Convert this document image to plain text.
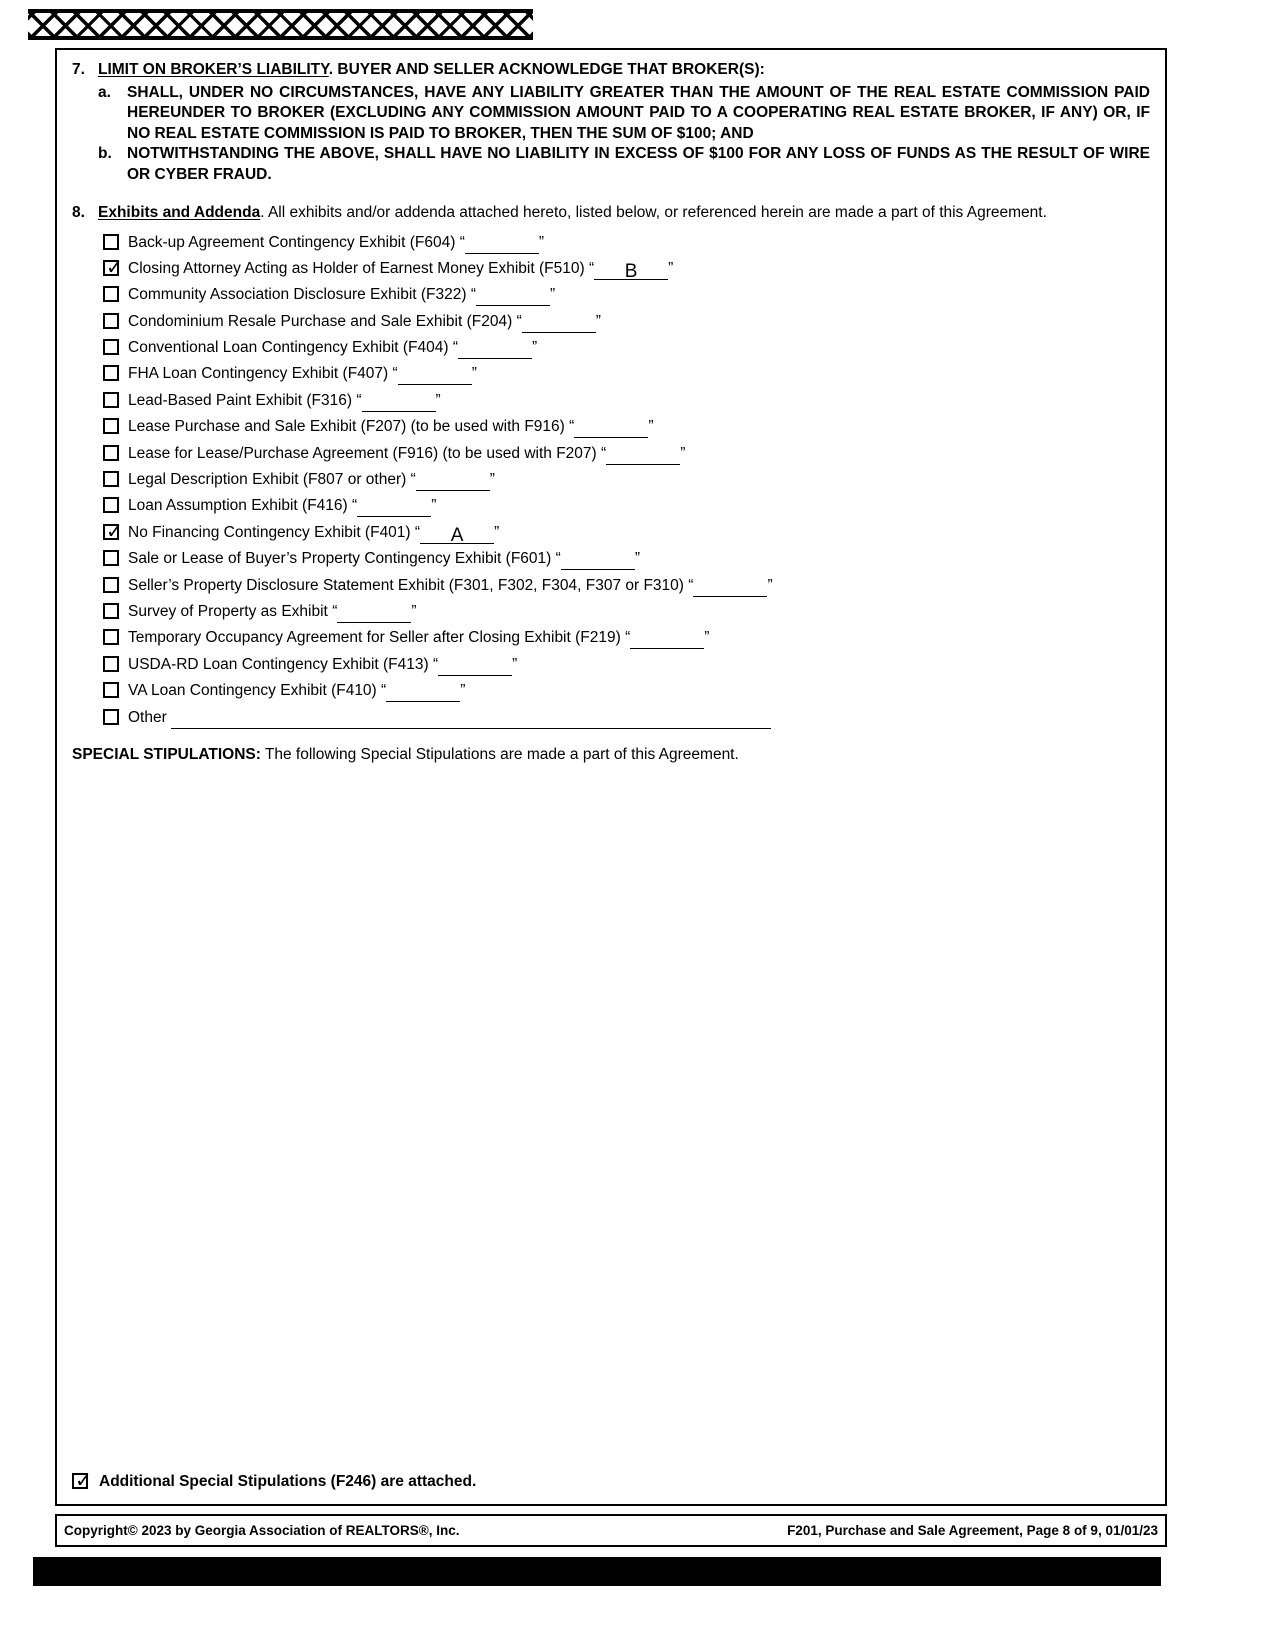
7. LIMIT ON BROKER’S LIABILITY. BUYER AND SELLER ACKNOWLEDGE THAT BROKER(S):
a.	SHALL, UNDER NO CIRCUMSTANCES, HAVE ANY LIABILITY GREATER THAN THE AMOUNT OF THE REAL ESTATE COMMISSION PAID HEREUNDER TO BROKER (EXCLUDING ANY COMMISSION AMOUNT PAID TO A COOPERATING REAL ESTATE BROKER, IF ANY) OR, IF NO REAL ESTATE COMMISSION IS PAID TO BROKER, THEN THE SUM OF $100; AND
b. NOTWITHSTANDING THE ABOVE, SHALL HAVE NO LIABILITY IN EXCESS OF $100 FOR ANY LOSS OF FUNDS AS THE RESULT OF WIRE OR CYBER FRAUD.
8. Exhibits and Addenda. All exhibits and/or addenda attached hereto, listed below, or referenced herein are made a part of this Agreement.
Back-up Agreement Contingency Exhibit (F604) “	”
✓Closing Attorney Acting as Holder of Earnest Money Exhibit (F510) “ B ”
Community Association Disclosure Exhibit (F322) “	”
Condominium Resale Purchase and Sale Exhibit (F204) “	”
Conventional Loan Contingency Exhibit (F404) “	”
FHA Loan Contingency Exhibit (F407) “	”
Lead-Based Paint Exhibit (F316) “	”
Lease Purchase and Sale Exhibit (F207) (to be used with F916) “	”
Lease for Lease/Purchase Agreement (F916) (to be used with F207) “	”
Legal Description Exhibit (F807 or other) “	”
Loan Assumption Exhibit (F416) “	”
✓No Financing Contingency Exhibit (F401) “ A ”
Sale or Lease of Buyer’s Property Contingency Exhibit (F601) “	”
Seller’s Property Disclosure Statement Exhibit (F301, F302, F304, F307 or F310) “	”
Survey of Property as Exhibit “	”
Temporary Occupancy Agreement for Seller after Closing Exhibit (F219) “	”
USDA-RD Loan Contingency Exhibit (F413) “	”
VA Loan Contingency Exhibit (F410) “	”
Other
SPECIAL STIPULATIONS: The following Special Stipulations are made a part of this Agreement.
✓Additional Special Stipulations (F246) are attached.
Copyright© 2023 by Georgia Association of REALTORS®, Inc.	F201, Purchase and Sale Agreement, Page 8 of 9, 01/01/23
